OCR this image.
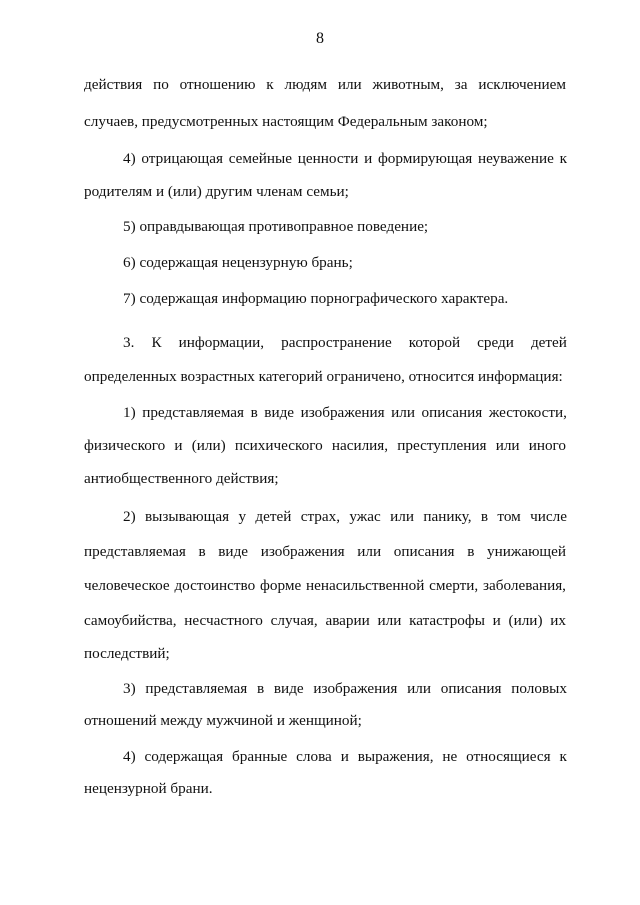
8
действия по отношению к людям или животным, за исключением
случаев, предусмотренных настоящим Федеральным законом;
4) отрицающая семейные ценности и формирующая неуважение к
родителям и (или) другим членам семьи;
5) оправдывающая противоправное поведение;
6) содержащая нецензурную брань;
7) содержащая информацию порнографического характера.
3. К информации, распространение которой среди детей
определенных возрастных категорий ограничено, относится информация:
1) представляемая в виде изображения или описания жестокости,
физического и (или) психического насилия, преступления или иного
антиобщественного действия;
2) вызывающая у детей страх, ужас или панику, в том числе
представляемая в виде изображения или описания в унижающей
человеческое достоинство форме ненасильственной смерти, заболевания,
самоубийства, несчастного случая, аварии или катастрофы и (или) их
последствий;
3) представляемая в виде изображения или описания половых
отношений между мужчиной и женщиной;
4) содержащая бранные слова и выражения, не относящиеся к
нецензурной брани.
